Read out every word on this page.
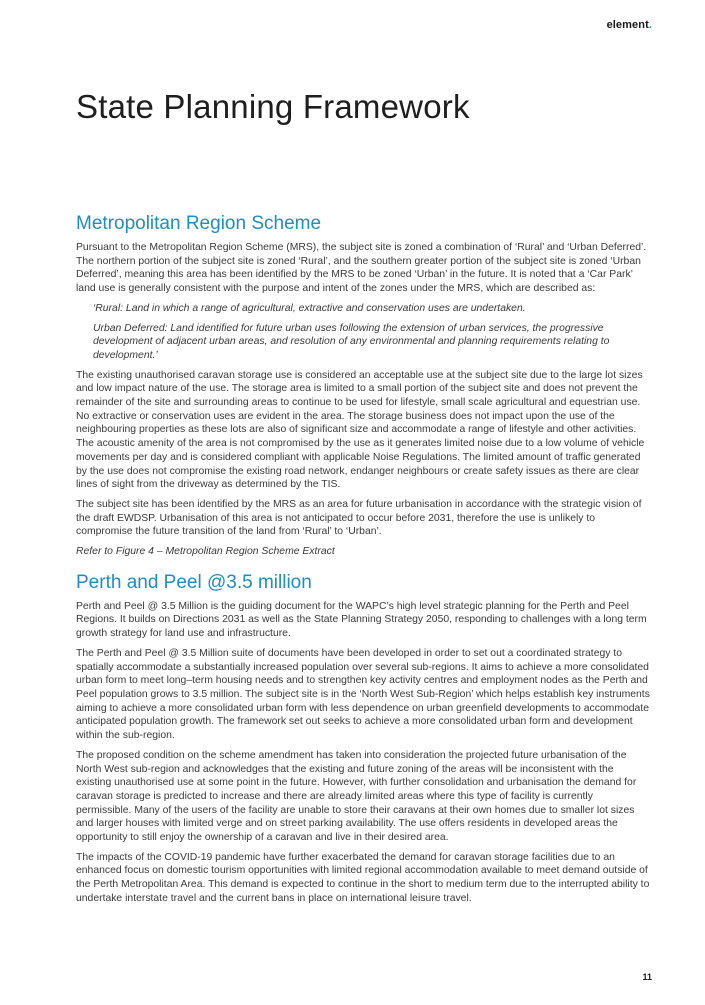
element.
State Planning Framework
Metropolitan Region Scheme

Pursuant to the Metropolitan Region Scheme (MRS), the subject site is zoned a combination of ‘Rural’ and ‘Urban Deferred’. The northern portion of the subject site is zoned ‘Rural’, and the southern greater portion of the subject site is zoned ‘Urban Deferred’, meaning this area has been identified by the MRS to be zoned ‘Urban’ in the future. It is noted that a ‘Car Park’ land use is generally consistent with the purpose and intent of the zones under the MRS, which are described as:

‘Rural: Land in which a range of agricultural, extractive and conservation uses are undertaken.

Urban Deferred: Land identified for future urban uses following the extension of urban services, the progressive development of adjacent urban areas, and resolution of any environmental and planning requirements relating to development.’

The existing unauthorised caravan storage use is considered an acceptable use at the subject site due to the large lot sizes and low impact nature of the use. The storage area is limited to a small portion of the subject site and does not prevent the remainder of the site and surrounding areas to continue to be used for lifestyle, small scale agricultural and equestrian use. No extractive or conservation uses are evident in the area. The storage business does not impact upon the use of the neighbouring properties as these lots are also of significant size and accommodate a range of lifestyle and other activities. The acoustic amenity of the area is not compromised by the use as it generates limited noise due to a low volume of vehicle movements per day and is considered compliant with applicable Noise Regulations. The limited amount of traffic generated by the use does not compromise the existing road network, endanger neighbours or create safety issues as there are clear lines of sight from the driveway as determined by the TIS.

The subject site has been identified by the MRS as an area for future urbanisation in accordance with the strategic vision of the draft EWDSP. Urbanisation of this area is not anticipated to occur before 2031, therefore the use is unlikely to compromise the future transition of the land from ‘Rural’ to ‘Urban’.

Refer to Figure 4 – Metropolitan Region Scheme Extract

Perth and Peel @3.5 million

Perth and Peel @ 3.5 Million is the guiding document for the WAPC’s high level strategic planning for the Perth and Peel Regions. It builds on Directions 2031 as well as the State Planning Strategy 2050, responding to challenges with a long term growth strategy for land use and infrastructure.

The Perth and Peel @ 3.5 Million suite of documents have been developed in order to set out a coordinated strategy to spatially accommodate a substantially increased population over several sub-regions. It aims to achieve a more consolidated urban form to meet long–term housing needs and to strengthen key activity centres and employment nodes as the Perth and Peel population grows to 3.5 million. The subject site is in the ‘North West Sub-Region’ which helps establish key instruments aiming to achieve a more consolidated urban form with less dependence on urban greenfield developments to accommodate anticipated population growth. The framework set out seeks to achieve a more consolidated urban form and development within the sub-region.

The proposed condition on the scheme amendment has taken into consideration the projected future urbanisation of the North West sub-region and acknowledges that the existing and future zoning of the areas will be inconsistent with the existing unauthorised use at some point in the future. However, with further consolidation and urbanisation the demand for caravan storage is predicted to increase and there are already limited areas where this type of facility is currently permissible. Many of the users of the facility are unable to store their caravans at their own homes due to smaller lot sizes and larger houses with limited verge and on street parking availability. The use offers residents in developed areas the opportunity to still enjoy the ownership of a caravan and live in their desired area.

The impacts of the COVID-19 pandemic have further exacerbated the demand for caravan storage facilities due to an enhanced focus on domestic tourism opportunities with limited regional accommodation available to meet demand outside of the Perth Metropolitan Area. This demand is expected to continue in the short to medium term due to the interrupted ability to undertake interstate travel and the current bans in place on international leisure travel.

11
